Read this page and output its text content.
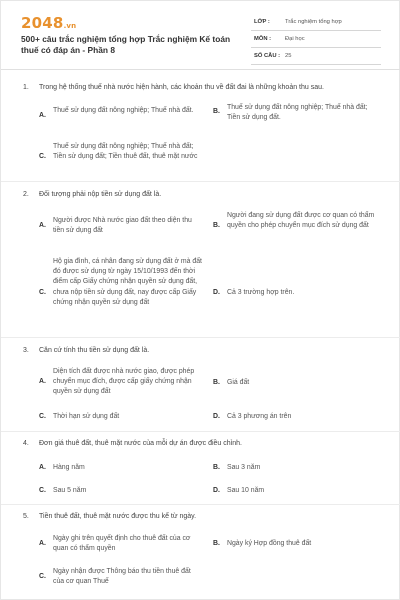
2048.vn
500+ câu trắc nghiệm tổng hợp Trắc nghiệm Kế toán thuế có đáp án - Phần 8
LỚP :	Trắc nghiệm tổng hợp
MÔN : Đại học
SỐ CÂU : 25
1. Trong hệ thống thuế nhà nước hiện hành, các khoản thu về đất đai là những khoản thu sau.
A.
Thuế sử dụng đất nông nghiệp; Thuế nhà đất.	B.
Thuế sử dụng đất nông nghiệp; Thuế nhà đất; Tiền sử dụng đất.
C.
Thuế sử dụng đất nông nghiệp; Thuế nhà đất; Tiền sử dụng đất; Tiền thuê đất, thuê mặt nước
2. Đối tượng phải nộp tiền sử dụng đất là.
A.
Người được Nhà nước giao đất theo diện thu tiền sử dụng đất
B.
Người đang sử dụng đất được cơ quan có thẩm quyền cho phép chuyển mục đích sử dụng đất
C.
Hộ gia đình, cá nhân đang sử dụng đất ở mà đất đó được sử dụng từ ngày 15/10/1993 đến thời điểm cấp Giấy chứng nhận quyền sử dụng đất, chưa nộp tiền sử dụng đất, nay được cấp Giấy chứng nhận quyền sử dụng đất
D. Cả 3 trường hợp trên.
3. Căn cứ tính thu tiền sử dụng đất là.
A.
Diện tích đất được nhà nước giao, được phép chuyển mục đích, được cấp giấy chứng nhận quyền sử dụng đất
B. Giá đất
C. Thời hạn sử dụng đất	D. Cả 3 phương án trên
4. Đơn giá thuê đất, thuê mặt nước của mỗi dự án được điều chỉnh.
A. Hàng năm	B. Sau 3 năm
C. Sau 5 năm	D. Sau 10 năm
5. Tiền thuê đất, thuê mặt nước được thu kể từ ngày.
A.
Ngày ghi trên quyết định cho thuê đất của cơ quan có thẩm quyền
B. Ngày ký Hợp đồng thuê đất
C.
Ngày nhận được Thông báo thu tiền thuê đất của cơ quan Thuế
